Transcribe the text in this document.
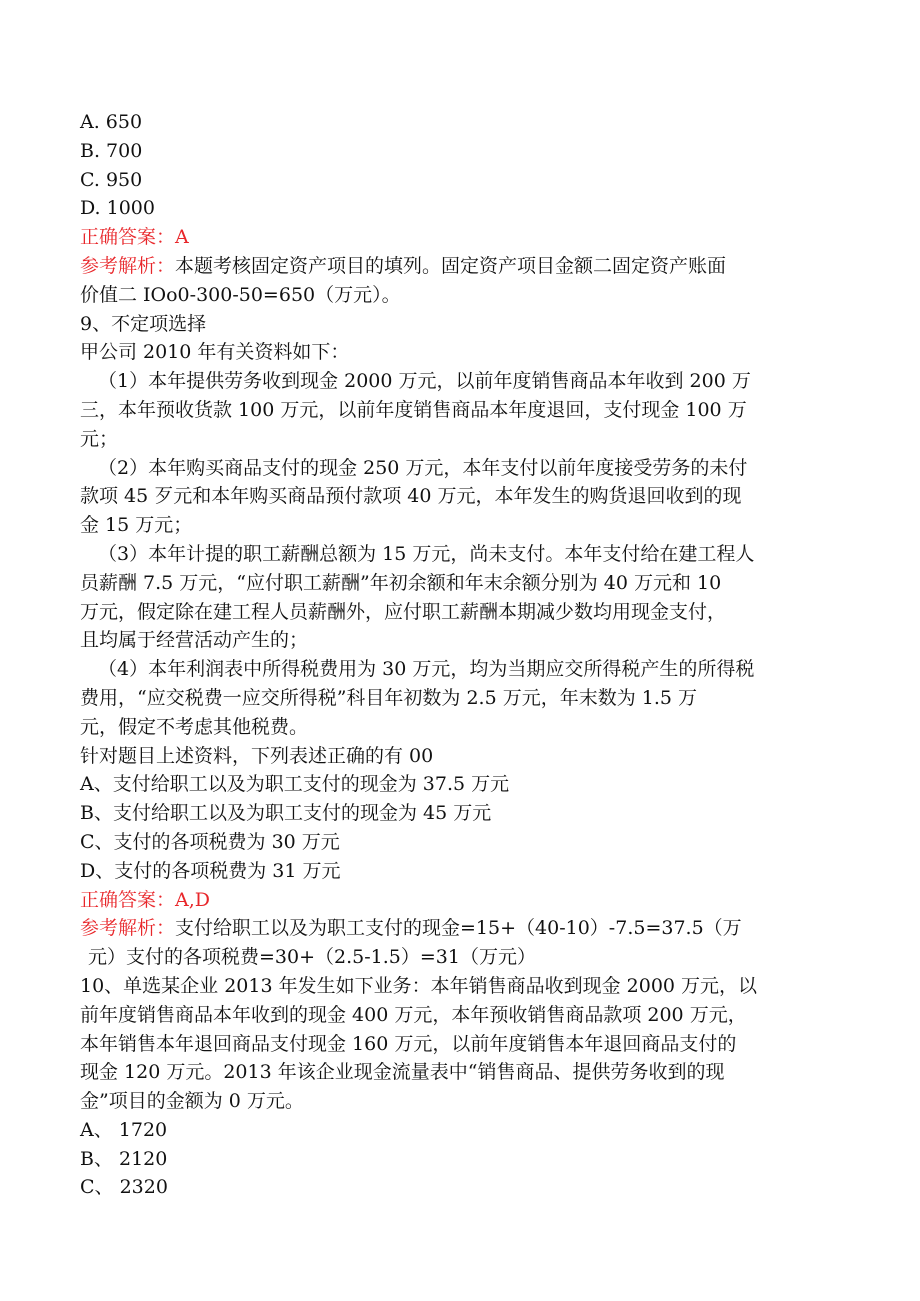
A. 650
B. 700
C. 950
D. 1000
正确答案：A
参考解析：本题考核固定资产项目的填列。固定资产项目金额二固定资产账面
价值二 IOo0-300-50=650（万元）。
9、不定项选择
甲公司 2010 年有关资料如下：
（1）本年提供劳务收到现金 2000 万元，以前年度销售商品本年收到 200 万
三，本年预收货款 100 万元，以前年度销售商品本年度退回，支付现金 100 万
元；
（2）本年购买商品支付的现金 250 万元，本年支付以前年度接受劳务的未付
款项 45 歹元和本年购买商品预付款项 40 万元，本年发生的购货退回收到的现
金 15 万元；
（3）本年计提的职工薪酬总额为 15 万元，尚未支付。本年支付给在建工程人
员薪酬 7.5 万元，“应付职工薪酬”年初余额和年末余额分别为 40 万元和 10
万元，假定除在建工程人员薪酬外，应付职工薪酬本期减少数均用现金支付，
且均属于经营活动产生的；
（4）本年利润表中所得税费用为 30 万元，均为当期应交所得税产生的所得税
费用，“应交税费一应交所得税”科目年初数为 2.5 万元，年末数为 1.5 万
元，假定不考虑其他税费。
针对题目上述资料，下列表述正确的有 00
A、支付给职工以及为职工支付的现金为 37.5 万元
B、支付给职工以及为职工支付的现金为 45 万元
C、支付的各项税费为 30 万元
D、支付的各项税费为 31 万元
正确答案：A,D
参考解析：支付给职工以及为职工支付的现金=15+（40-10）-7.5=37.5（万
元）支付的各项税费=30+（2.5-1.5）=31（万元）
10、单选某企业 2013 年发生如下业务：本年销售商品收到现金 2000 万元，以
前年度销售商品本年收到的现金 400 万元，本年预收销售商品款项 200 万元，
本年销售本年退回商品支付现金 160 万元，以前年度销售本年退回商品支付的
现金 120 万元。2013 年该企业现金流量表中“销售商品、提供劳务收到的现
金”项目的金额为 0 万元。
A、 1720
B、 2120
C、 2320
